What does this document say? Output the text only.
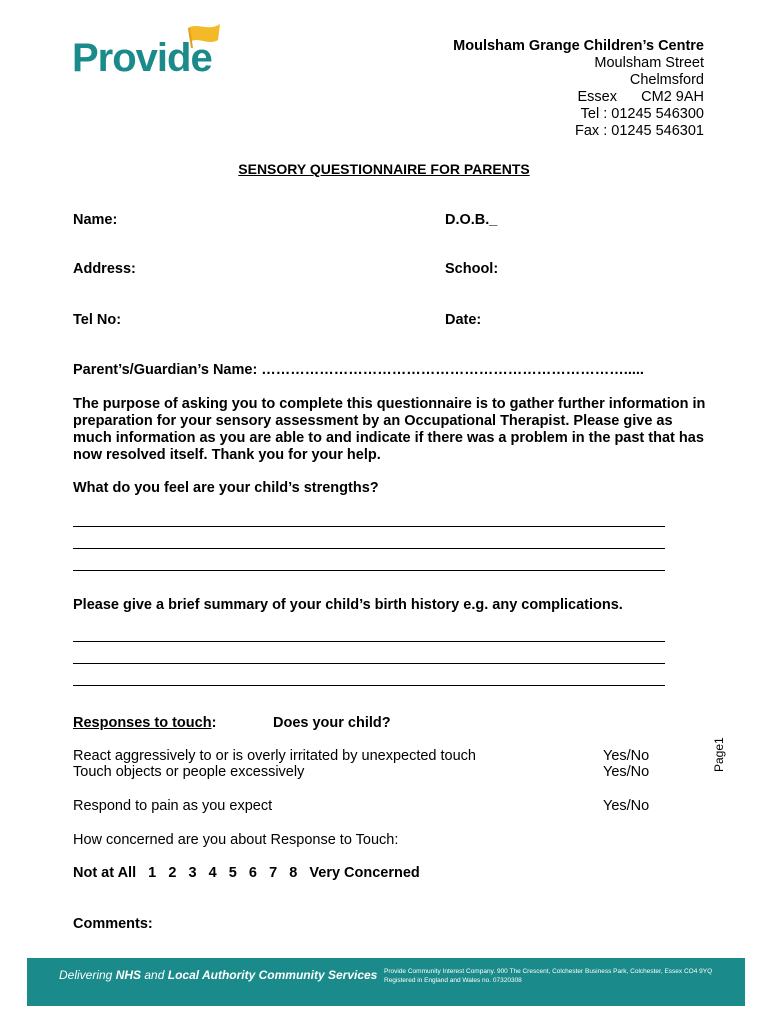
Provide	Moulsham Grange Children’s Centre
Moulsham Street
Chelmsford
Essex      CM2 9AH
Tel : 01245 546300
Fax : 01245 546301
SENSORY QUESTIONNAIRE FOR PARENTS
Name:	D.O.B._
Address:	School:
Tel No:	Date:
Parent’s/Guardian’s Name: ………………………………………………………………….....
The purpose of asking you to complete this questionnaire is to gather further information in preparation for your sensory assessment by an Occupational Therapist. Please give as much information as you are able to and indicate if there was a problem in the past that has now resolved itself. Thank you for your help.
What do you feel are your child’s strengths?
Please give a brief summary of your child’s birth history e.g. any complications.
Responses to touch:	Does your child?
React aggressively to or is overly irritated by unexpected touch	Yes/No
Touch objects or people excessively	Yes/No
Respond to pain as you expect	Yes/No
How concerned are you about Response to Touch:
Not at All   1   2   3   4   5   6   7   8   Very Concerned
Comments:
Page1
Delivering NHS and Local Authority Community Services Provide Community Interest Company. 900 The Crescent, Colchester Business Park, Colchester, Essex CO4 9YQ
Registered in England and Wales no. 07320308
